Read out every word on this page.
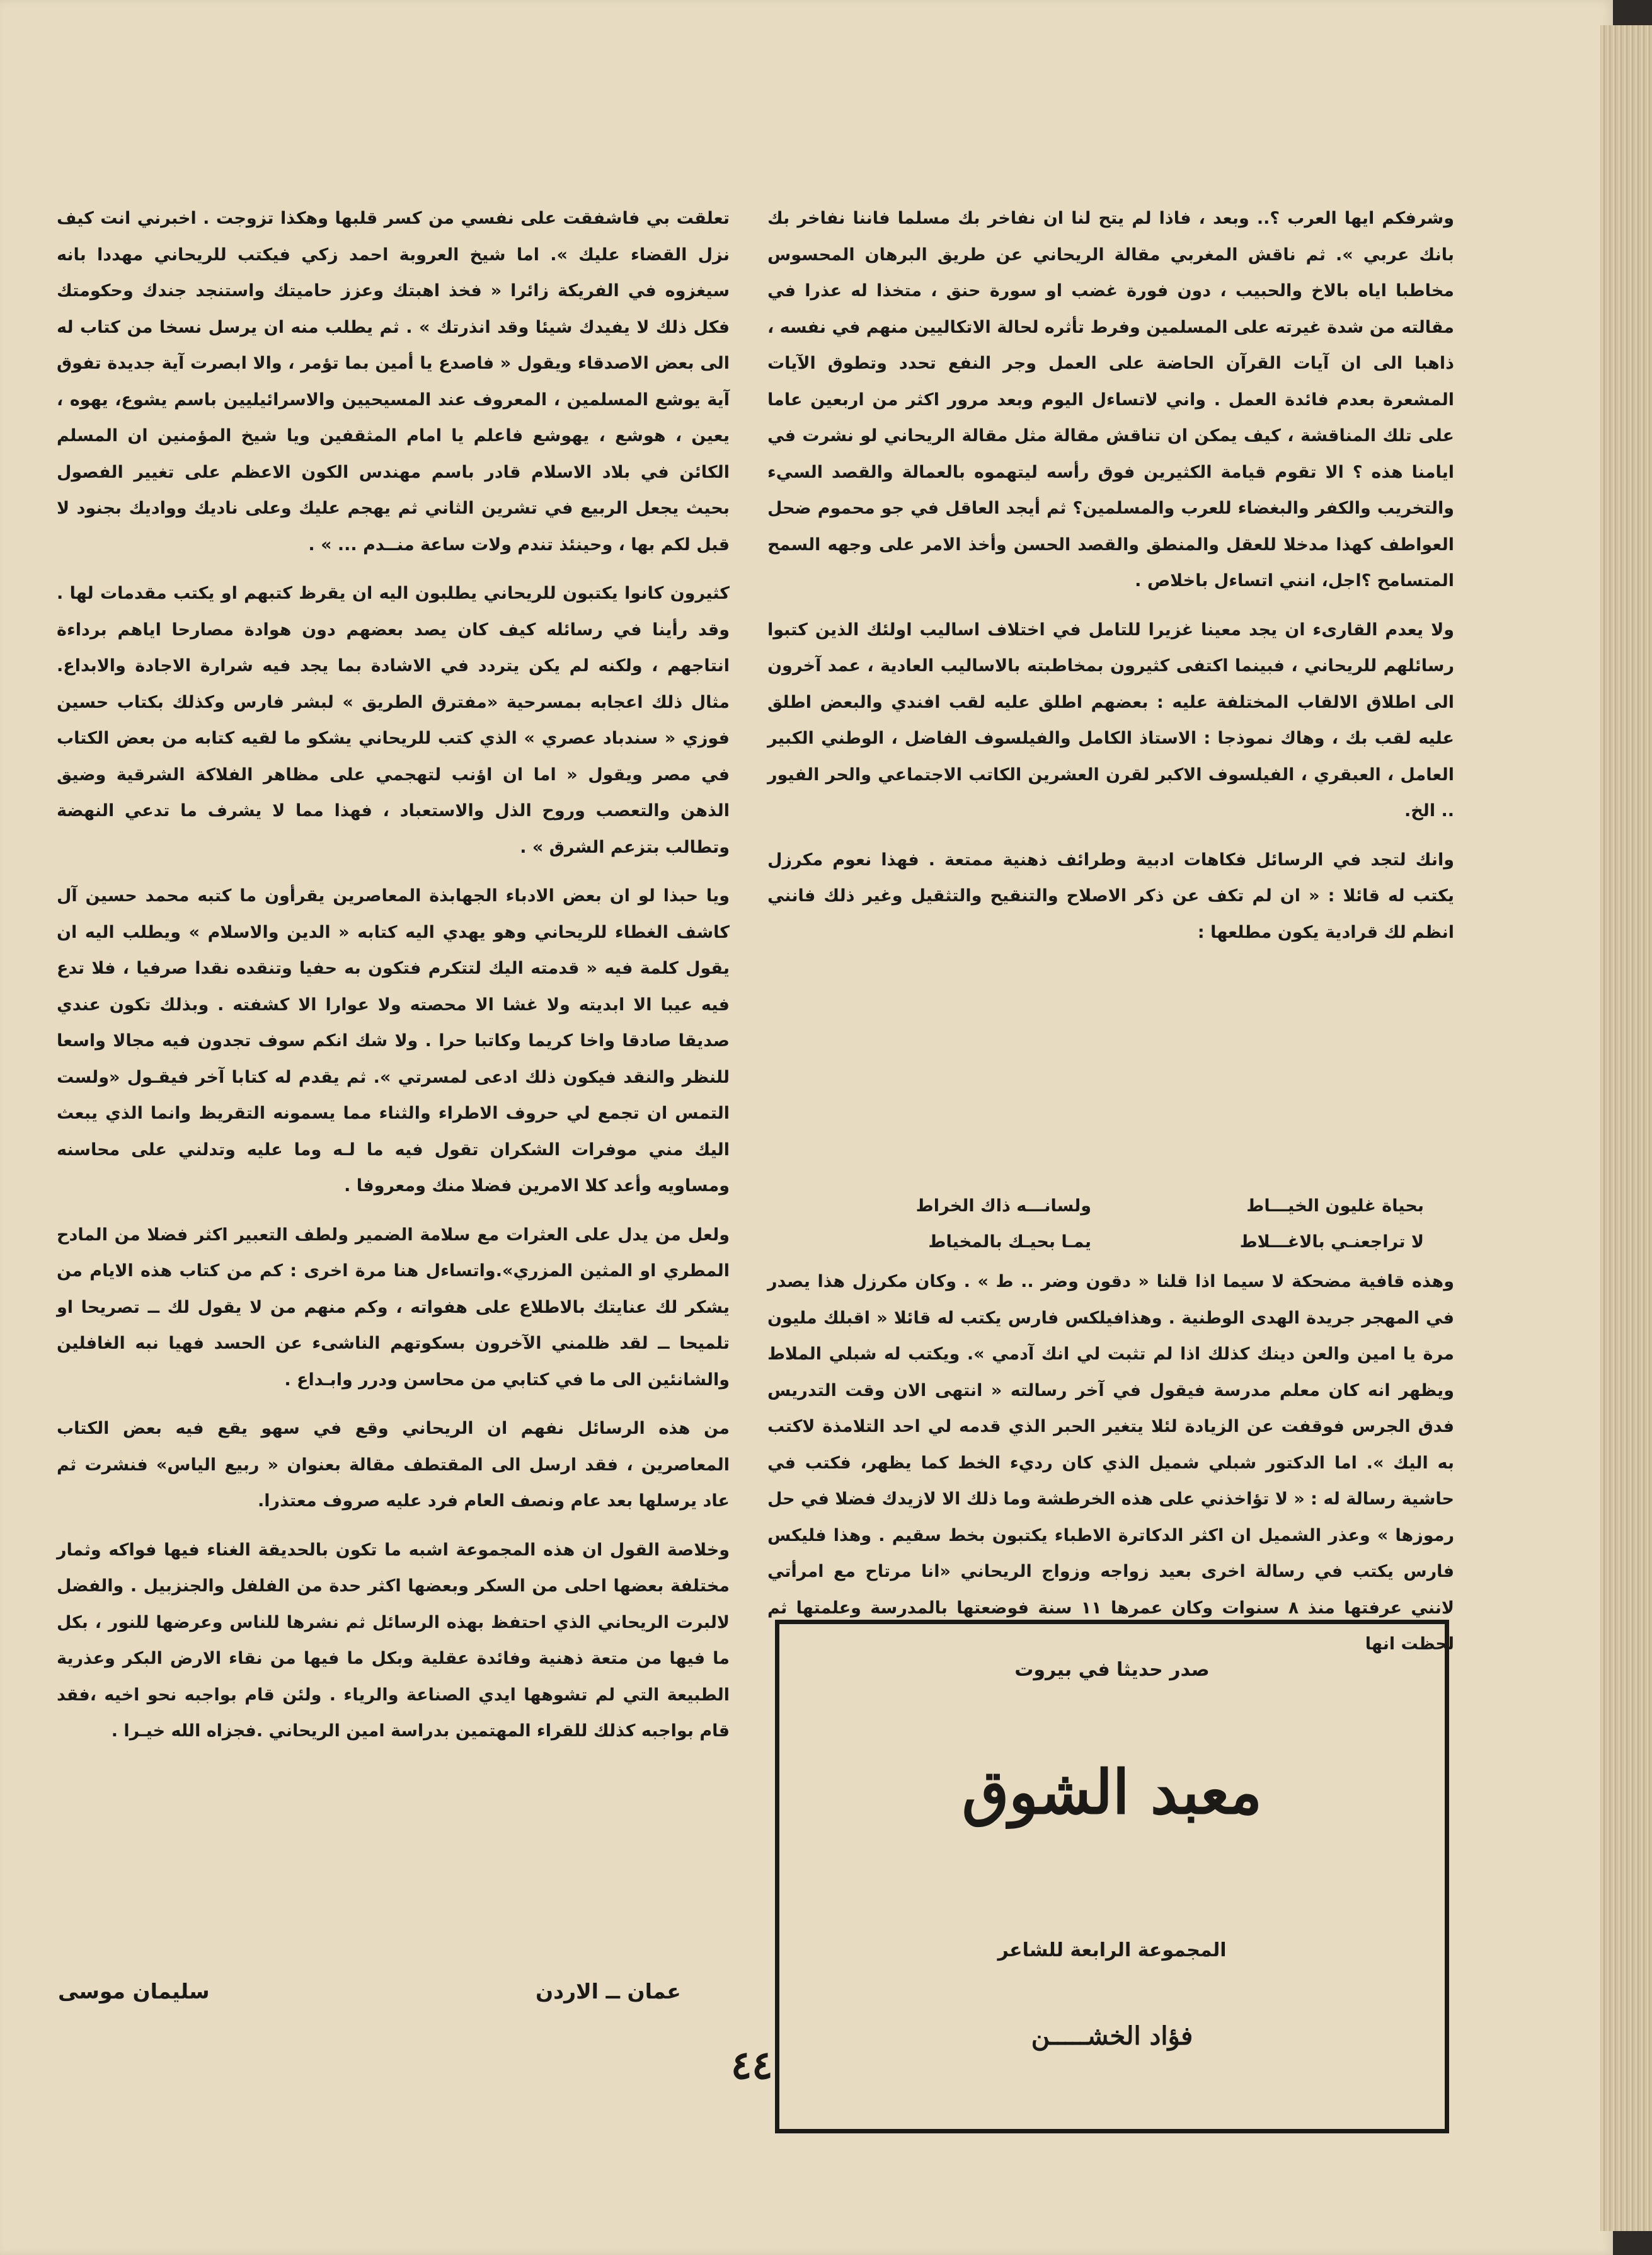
وشرفكم ايها العرب ؟.. وبعد ، فاذا لم يتح لنا ان نفاخر بك مسلما فاننا نفاخر بك بانك عربي ». ثم ناقش المغربي مقالة الريحاني عن طريق البرهان المحسوس مخاطبا اياه بالاخ والحبيب ، دون فورة غضب او سورة حنق ، متخذا له عذرا في مقالته من شدة غيرته على المسلمين وفرط تأثره لحالة الاتكاليين منهم في نفسه ، ذاهبا الى ان آيات القرآن الحاضة على العمل وجر النفع تحدد وتطوق الآيات المشعرة بعدم فائدة العمل . واني لاتساءل اليوم وبعد مرور اكثر من اربعين عاما على تلك المناقشة ، كيف يمكن ان تناقش مقالة مثل مقالة الريحاني لو نشرت في ايامنا هذه ؟ الا تقوم قيامة الكثيرين فوق رأسه ليتهموه بالعمالة والقصد السيء والتخريب والكفر والبغضاء للعرب والمسلمين؟ ثم أيجد العاقل في جو محموم ضحل العواطف كهذا مدخلا للعقل والمنطق والقصد الحسن وأخذ الامر على وجهه السمح المتسامح ؟اجل، انني اتساءل باخلاص .

ولا يعدم القارىء ان يجد معينا غزيرا للتامل في اختلاف اساليب اولئك الذين كتبوا رسائلهم للريحاني ، فبينما اكتفى كثيرون بمخاطبته بالاساليب العادية ، عمد آخرون الى اطلاق الالقاب المختلفة عليه : بعضهم اطلق عليه لقب افندي والبعض اطلق عليه لقب بك ، وهاك نموذجا : الاستاذ الكامل والفيلسوف الفاضل ، الوطني الكبير العامل ، العبقري ، الفيلسوف الاكبر لقرن العشرين الكاتب الاجتماعي والحر الفيور .. الخ.

وانك لتجد في الرسائل فكاهات ادبية وطرائف ذهنية ممتعة . فهذا نعوم مكرزل يكتب له قائلا : « ان لم تكف عن ذكر الاصلاح والتنقيح والتثقيل وغير ذلك فانني انظم لك قرادية يكون مطلعها :

بحياة غليون الخيـــاط
ولسانـــه ذاك الخراط
لا تراجعنـي بالاغـــلاط
يمـا بحيـك بالمخياط

وهذه قافية مضحكة لا سيما اذا قلنا « دقون وضر .. ط » . وكان مكرزل هذا يصدر في المهجر جريدة الهدى الوطنية . وهذافيلكس فارس يكتب له قائلا « اقبلك مليون مرة يا امين والعن دينك كذلك اذا لم تثبت لي انك آدمي ». ويكتب له شبلي الملاط ويظهر انه كان معلم مدرسة فيقول في آخر رسالته « انتهى الان وقت التدريس فدق الجرس فوقفت عن الزيادة لئلا يتغير الحبر الذي قدمه لي احد التلامذة لاكتب به اليك ». اما الدكتور شبلي شميل الذي كان رديء الخط كما يظهر، فكتب في حاشية رسالة له : « لا تؤاخذني على هذه الخرطشة وما ذلك الا لازيدك فضلا في حل رموزها » وعذر الشميل ان اكثر الدكاترة الاطباء يكتبون بخط سقيم . وهذا فليكس فارس يكتب في رسالة اخرى بعيد زواجه وزواج الريحاني «انا مرتاح مع امرأتي لانني عرفتها منذ ٨ سنوات وكان عمرها ١١ سنة فوضعتها بالمدرسة وعلمتها ثم لحظت انها

صدر حديثا في بيروت
معبد الشوق
المجموعة الرابعة للشاعر
فؤاد الخشـــــن

تعلقت بي فاشفقت على نفسي من كسر قلبها وهكذا تزوجت . اخبرني انت كيف نزل القضاء عليك ». اما شيخ العروبة احمد زكي فيكتب للريحاني مهددا بانه سيغزوه في الفريكة زائرا « فخذ اهبتك وعزز حاميتك واستنجد جندك وحكومتك فكل ذلك لا يفيدك شيئا وقد انذرتك » . ثم يطلب منه ان يرسل نسخا من كتاب له الى بعض الاصدقاء ويقول « فاصدع يا أمين بما تؤمر ، والا ابصرت آية جديدة تفوق آية يوشع المسلمين ، المعروف عند المسيحيين والاسرائيليين باسم يشوع، يهوه ، يعين ، هوشع ، يهوشع فاعلم يا امام المثقفين ويا شيخ المؤمنين ان المسلم الكائن في بلاد الاسلام قادر باسم مهندس الكون الاعظم على تغيير الفصول بحيث يجعل الربيع في تشرين الثاني ثم يهجم عليك وعلى ناديك وواديك بجنود لا قبل لكم بها ، وحينئذ تندم ولات ساعة منــدم ... » .

كثيرون كانوا يكتبون للريحاني يطلبون اليه ان يقرظ كتبهم او يكتب مقدمات لها . وقد رأينا في رسائله كيف كان يصد بعضهم دون هوادة مصارحا اياهم برداءة انتاجهم ، ولكنه لم يكن يتردد في الاشادة بما يجد فيه شرارة الاجادة والابداع. مثال ذلك اعجابه بمسرحية «مفترق الطريق » لبشر فارس وكذلك بكتاب حسين فوزي « سندباد عصري » الذي كتب للريحاني يشكو ما لقيه كتابه من بعض الكتاب في مصر ويقول « اما ان اؤنب لتهجمي على مظاهر الفلاكة الشرقية وضيق الذهن والتعصب وروح الذل والاستعباد ، فهذا مما لا يشرف ما تدعي النهضة وتطالب بتزعم الشرق » .

ويا حبذا لو ان بعض الادباء الجهابذة المعاصرين يقرأون ما كتبه محمد حسين آل كاشف الغطاء للريحاني وهو يهدي اليه كتابه « الدين والاسلام » ويطلب اليه ان يقول كلمة فيه « قدمته اليك لتتكرم فتكون به حفيا وتنقده نقدا صرفيا ، فلا تدع فيه عيبا الا ابديته ولا غشا الا محصته ولا عوارا الا كشفته . وبذلك تكون عندي صديقا صادقا واخا كريما وكاتبا حرا . ولا شك انكم سوف تجدون فيه مجالا واسعا للنظر والنقد فيكون ذلك ادعى لمسرتي ». ثم يقدم له كتابا آخر فيقـول «ولست التمس ان تجمع لي حروف الاطراء والثناء مما يسمونه التقريظ وانما الذي يبعث اليك مني موفرات الشكران تقول فيه ما لـه وما عليه وتدلني على محاسنه ومساويه وأعد كلا الامرين فضلا منك ومعروفا .

ولعل من يدل على العثرات مع سلامة الضمير ولطف التعبير اكثر فضلا من المادح المطري او المثين المزري».واتساءل هنا مرة اخرى : كم من كتاب هذه الايام من يشكر لك عنايتك بالاطلاع على هفواته ، وكم منهم من لا يقول لك ــ تصريحا او تلميحا ــ لقد ظلمني الآخرون بسكوتهم الناشىء عن الحسد فهيا نبه الغافلين والشانئين الى ما في كتابي من محاسن ودرر وابـداع .

من هذه الرسائل نفهم ان الريحاني وقع في سهو يقع فيه بعض الكتاب المعاصرين ، فقد ارسل الى المقتطف مقالة بعنوان « ربيع الياس» فنشرت ثم عاد يرسلها بعد عام ونصف العام فرد عليه صروف معتذرا.

وخلاصة القول ان هذه المجموعة اشبه ما تكون بالحديقة الغناء فيها فواكه وثمار مختلفة بعضها احلى من السكر وبعضها اكثر حدة من الفلفل والجنزبيل . والفضل لالبرت الريحاني الذي احتفظ بهذه الرسائل ثم نشرها للناس وعرضها للنور ، بكل ما فيها من متعة ذهنية وفائدة عقلية وبكل ما فيها من نقاء الارض البكر وعذرية الطبيعة التي لم تشوهها ايدي الصناعة والرياء . ولئن قام بواجبه نحو اخيه ،فقد قام بواجبه كذلك للقراء المهتمين بدراسة امين الريحاني .فجزاه الله خيـرا .

عمان ــ الاردن
سليمان موسى
٤٤
